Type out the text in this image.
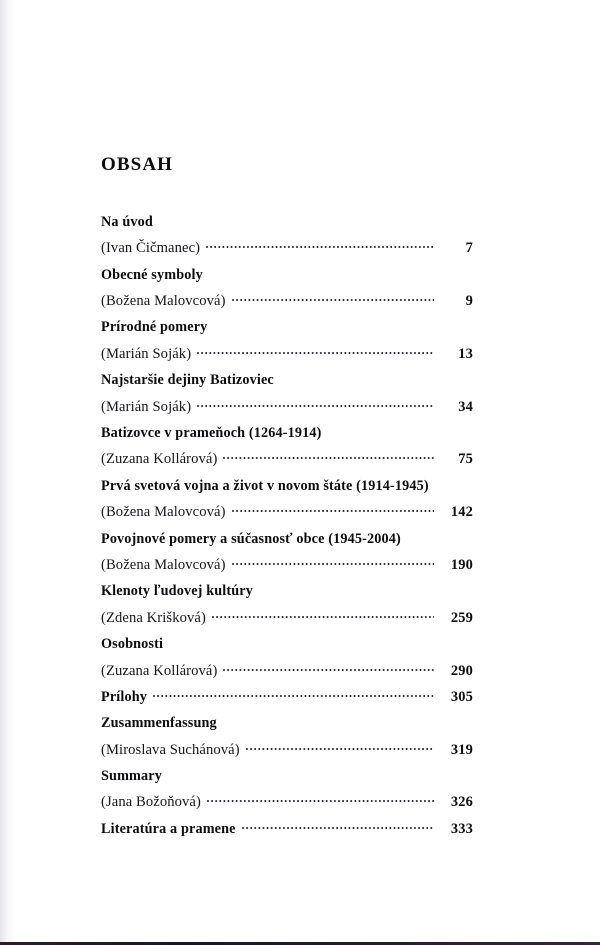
OBSAH
Na úvod
(Ivan Čičmanec)	7
Obecné symboly
(Božena Malovcová)	9
Prírodné pomery
(Marián Soják)	13
Najstaršie dejiny Batizoviec
(Marián Soják)	34
Batizovce v prameňoch (1264-1914)
(Zuzana Kollárová)	75
Prvá svetová vojna a život v novom štáte (1914-1945)
(Božena Malovcová)	142
Povojnové pomery a súčasnosť obce (1945-2004)
(Božena Malovcová)	190
Klenoty ľudovej kultúry
(Zdena Krišková)	259
Osobnosti
(Zuzana Kollárová)	290
Prílohy	305
Zusammenfassung
(Miroslava Suchánová)	319
Summary
(Jana Božoňová)	326
Literatúra a pramene	333
